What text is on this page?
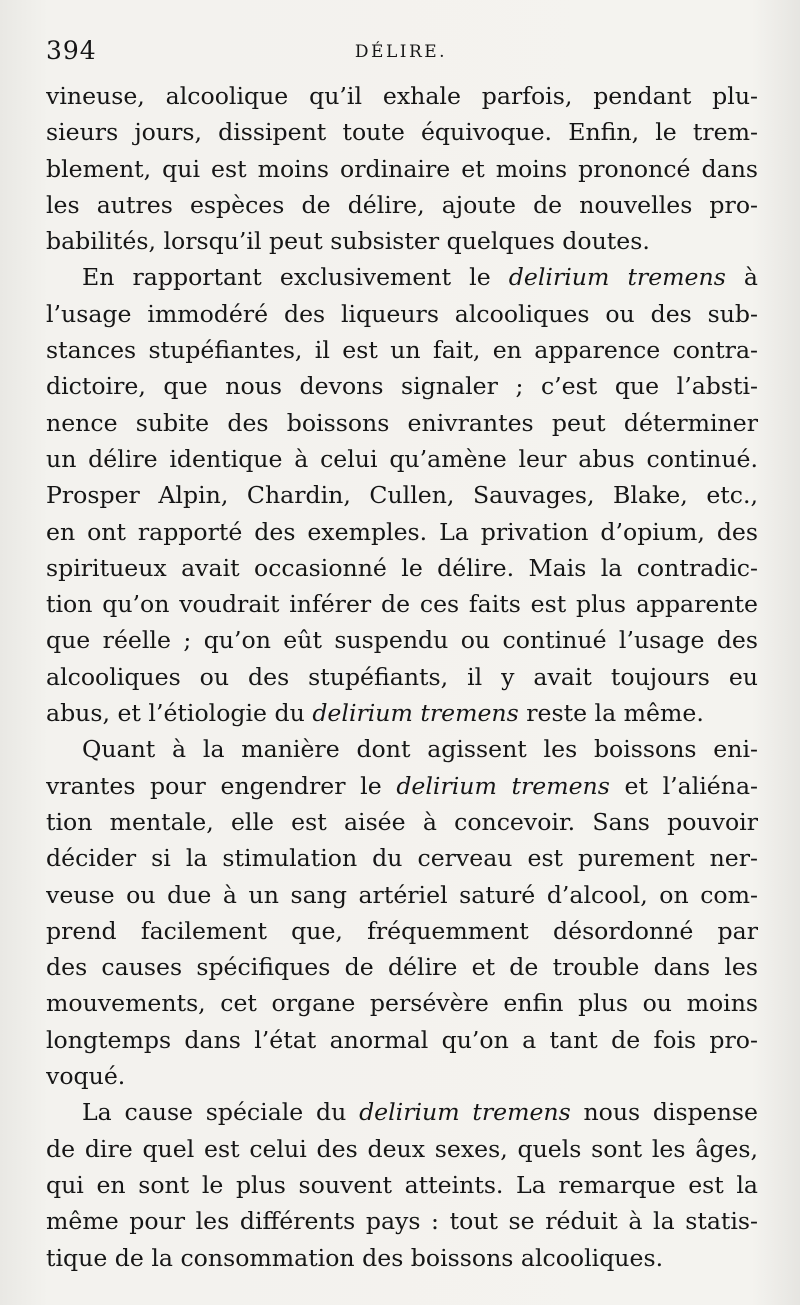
394	DÉLIRE.
vineuse, alcoolique qu’il exhale parfois, pendant plu-
sieurs jours, dissipent toute équivoque. Enfin, le trem-
blement, qui est moins ordinaire et moins prononcé dans
les autres espèces de délire, ajoute de nouvelles pro-
babilités, lorsqu’il peut subsister quelques doutes.
En rapportant exclusivement le delirium tremens à
l’usage immodéré des liqueurs alcooliques ou des sub-
stances stupéfiantes, il est un fait, en apparence contra-
dictoire, que nous devons signaler ; c’est que l’absti-
nence subite des boissons enivrantes peut déterminer
un délire identique à celui qu’amène leur abus continué.
Prosper Alpin, Chardin, Cullen, Sauvages, Blake, etc.,
en ont rapporté des exemples. La privation d’opium, des
spiritueux avait occasionné le délire. Mais la contradic-
tion qu’on voudrait inférer de ces faits est plus apparente
que réelle ; qu’on eût suspendu ou continué l’usage des
alcooliques ou des stupéfiants, il y avait toujours eu
abus, et l’étiologie du delirium tremens reste la même.
Quant à la manière dont agissent les boissons eni-
vrantes pour engendrer le delirium tremens et l’aliéna-
tion mentale, elle est aisée à concevoir. Sans pouvoir
décider si la stimulation du cerveau est purement ner-
veuse ou due à un sang artériel saturé d’alcool, on com-
prend facilement que, fréquemment désordonné par
des causes spécifiques de délire et de trouble dans les
mouvements, cet organe persévère enfin plus ou moins
longtemps dans l’état anormal qu’on a tant de fois pro-
voqué.
La cause spéciale du delirium tremens nous dispense
de dire quel est celui des deux sexes, quels sont les âges,
qui en sont le plus souvent atteints. La remarque est la
même pour les différents pays : tout se réduit à la statis-
tique de la consommation des boissons alcooliques.
